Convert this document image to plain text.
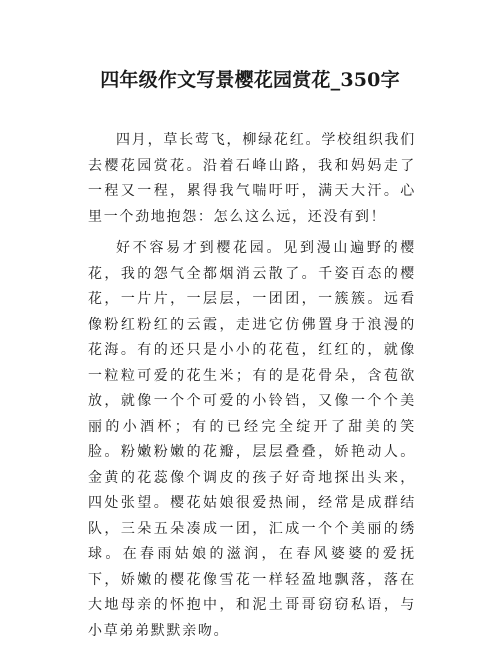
四年级作文写景樱花园赏花_350字

四月，草长莺飞，柳绿花红。学校组织我们去樱花园赏花。沿着石峰山路，我和妈妈走了一程又一程，累得我气喘吁吁，满天大汗。心里一个劲地抱怨：怎么这么远，还没有到！

好不容易才到樱花园。见到漫山遍野的樱花，我的怨气全都烟消云散了。千姿百态的樱花，一片片，一层层，一团团，一簇簇。远看像粉红粉红的云霞，走进它仿佛置身于浪漫的花海。有的还只是小小的花苞，红红的，就像一粒粒可爱的花生米；有的是花骨朵，含苞欲放，就像一个个可爱的小铃铛，又像一个个美丽的小酒杯；有的已经完全绽开了甜美的笑脸。粉嫩粉嫩的花瓣，层层叠叠，娇艳动人。金黄的花蕊像个调皮的孩子好奇地探出头来，四处张望。樱花姑娘很爱热闹，经常是成群结队，三朵五朵凑成一团，汇成一个个美丽的绣球。在春雨姑娘的滋润，在春风婆婆的爱抚下，娇嫩的樱花像雪花一样轻盈地飘落，落在大地母亲的怀抱中，和泥土哥哥窃窃私语，与小草弟弟默默亲吻。
